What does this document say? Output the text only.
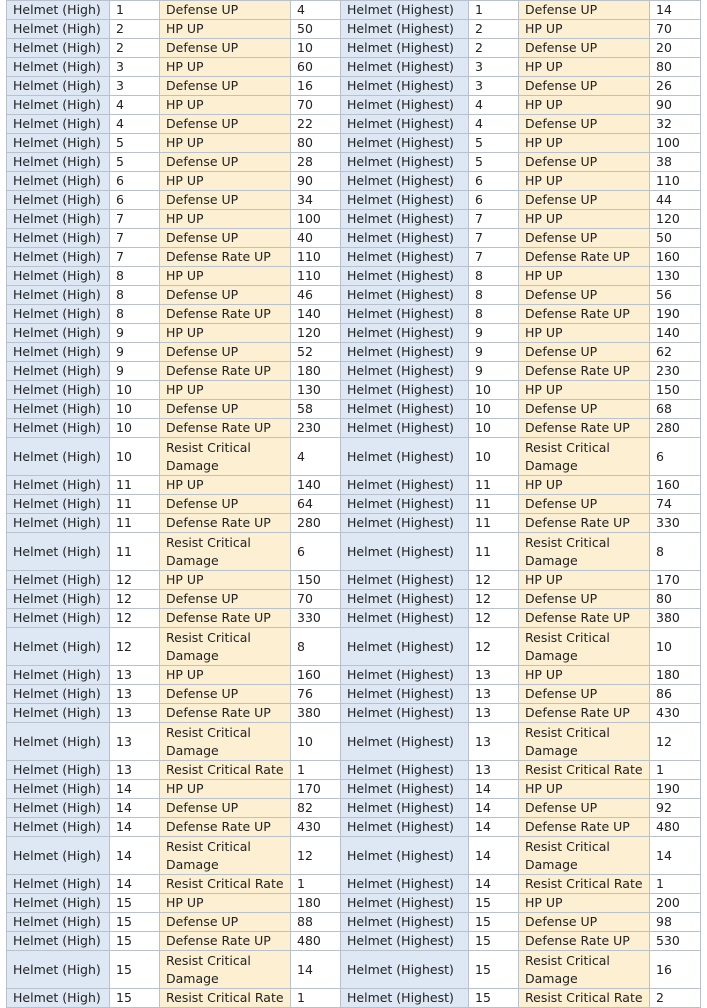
Helmet (High)	1	Defense UP	4	Helmet (Highest)	1	Defense UP	14
Helmet (High)	2	HP UP	50	Helmet (Highest)	2	HP UP	70
Helmet (High)	2	Defense UP	10	Helmet (Highest)	2	Defense UP	20
Helmet (High)	3	HP UP	60	Helmet (Highest)	3	HP UP	80
Helmet (High)	3	Defense UP	16	Helmet (Highest)	3	Defense UP	26
Helmet (High)	4	HP UP	70	Helmet (Highest)	4	HP UP	90
Helmet (High)	4	Defense UP	22	Helmet (Highest)	4	Defense UP	32
Helmet (High)	5	HP UP	80	Helmet (Highest)	5	HP UP	100
Helmet (High)	5	Defense UP	28	Helmet (Highest)	5	Defense UP	38
Helmet (High)	6	HP UP	90	Helmet (Highest)	6	HP UP	110
Helmet (High)	6	Defense UP	34	Helmet (Highest)	6	Defense UP	44
Helmet (High)	7	HP UP	100	Helmet (Highest)	7	HP UP	120
Helmet (High)	7	Defense UP	40	Helmet (Highest)	7	Defense UP	50
Helmet (High)	7	Defense Rate UP	110	Helmet (Highest)	7	Defense Rate UP	160
Helmet (High)	8	HP UP	110	Helmet (Highest)	8	HP UP	130
Helmet (High)	8	Defense UP	46	Helmet (Highest)	8	Defense UP	56
Helmet (High)	8	Defense Rate UP	140	Helmet (Highest)	8	Defense Rate UP	190
Helmet (High)	9	HP UP	120	Helmet (Highest)	9	HP UP	140
Helmet (High)	9	Defense UP	52	Helmet (Highest)	9	Defense UP	62
Helmet (High)	9	Defense Rate UP	180	Helmet (Highest)	9	Defense Rate UP	230
Helmet (High)	10	HP UP	130	Helmet (Highest)	10	HP UP	150
Helmet (High)	10	Defense UP	58	Helmet (Highest)	10	Defense UP	68
Helmet (High)	10	Defense Rate UP	230	Helmet (Highest)	10	Defense Rate UP	280
Helmet (High)	10	Resist Critical Damage	4	Helmet (Highest)	10	Resist Critical Damage	6
Helmet (High)	11	HP UP	140	Helmet (Highest)	11	HP UP	160
Helmet (High)	11	Defense UP	64	Helmet (Highest)	11	Defense UP	74
Helmet (High)	11	Defense Rate UP	280	Helmet (Highest)	11	Defense Rate UP	330
Helmet (High)	11	Resist Critical Damage	6	Helmet (Highest)	11	Resist Critical Damage	8
Helmet (High)	12	HP UP	150	Helmet (Highest)	12	HP UP	170
Helmet (High)	12	Defense UP	70	Helmet (Highest)	12	Defense UP	80
Helmet (High)	12	Defense Rate UP	330	Helmet (Highest)	12	Defense Rate UP	380
Helmet (High)	12	Resist Critical Damage	8	Helmet (Highest)	12	Resist Critical Damage	10
Helmet (High)	13	HP UP	160	Helmet (Highest)	13	HP UP	180
Helmet (High)	13	Defense UP	76	Helmet (Highest)	13	Defense UP	86
Helmet (High)	13	Defense Rate UP	380	Helmet (Highest)	13	Defense Rate UP	430
Helmet (High)	13	Resist Critical Damage	10	Helmet (Highest)	13	Resist Critical Damage	12
Helmet (High)	13	Resist Critical Rate	1	Helmet (Highest)	13	Resist Critical Rate	1
Helmet (High)	14	HP UP	170	Helmet (Highest)	14	HP UP	190
Helmet (High)	14	Defense UP	82	Helmet (Highest)	14	Defense UP	92
Helmet (High)	14	Defense Rate UP	430	Helmet (Highest)	14	Defense Rate UP	480
Helmet (High)	14	Resist Critical Damage	12	Helmet (Highest)	14	Resist Critical Damage	14
Helmet (High)	14	Resist Critical Rate	1	Helmet (Highest)	14	Resist Critical Rate	1
Helmet (High)	15	HP UP	180	Helmet (Highest)	15	HP UP	200
Helmet (High)	15	Defense UP	88	Helmet (Highest)	15	Defense UP	98
Helmet (High)	15	Defense Rate UP	480	Helmet (Highest)	15	Defense Rate UP	530
Helmet (High)	15	Resist Critical Damage	14	Helmet (Highest)	15	Resist Critical Damage	16
Helmet (High)	15	Resist Critical Rate	1	Helmet (Highest)	15	Resist Critical Rate	2
